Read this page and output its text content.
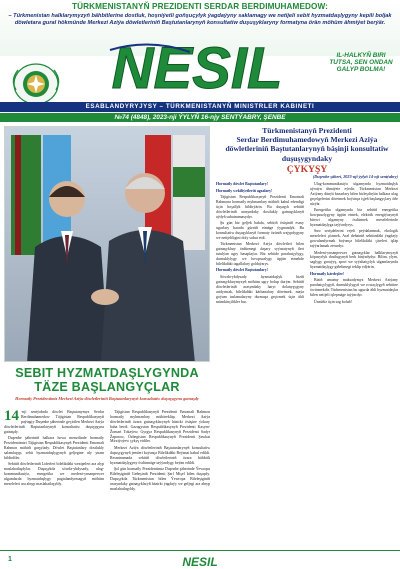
TÜRKMENISTANYŇ PREZIDENTI SERDAR BERDIMUHAMEDOW:
– Türkmenistan halklarymyzyň bähbitlerine dostluk, hoşniýetli goňşuçylyk ýagdaýyny saklamagy we netijeli sebit hyzmatdaşlygyny kepili boljak döwletara gural hökmünde Merkezi Aziýa döwletleriniň Baştutanlarynyň konsultatiw duşuşyklaryny formatyna örän möhüm ähmiýet berýär.
NESIL	IL-HALKYŇ BIRI TUTSA, SEN ONDAN GALYP BOLMA!
ESABLANDYRYJYSY – TÜRKMENISTANYŇ MINISTRLER KABINETI
№74 (4848), 2023-nji ÝYLYŇ 16-njy SENTÝABRY, ŞENBE
SEBIT HYZMATDAŞLYGYNDA
TÄZE BAŞLANGYÇLAR
Hormatly Prezidentimiz Merkezi Aziýa döwletleriniň Baştutanlarynyň konsultatiw duşuşygyna gatnaşdy

14 -nji sentýabrda döwlet Baştutanymyz Serdar Berdimuhamedow Täjigistan Respublikasynyň paýtagty Duşenbe şäherinde geçirilen Merkezi Aziýa döwletleriniň Baştutanlarynyň konsultatiw duşuşygyna gatnaşdy.

Duşenbe şäheriniň halkara howa menzilinde hormatly Prezidentimizi Täjigistan Respublikasynyň Prezidenti Emomali Rahmon mähirli garşylady. Döwlet Baştutanlary dostlukly salamlaşyp, sebit hyzmatdaşlygynyň geljegine uly ynam bildirdiler.

Sebitiň döwletleriniň Liderleri bilelikdäki wezipeleri ara alyp maslahatlaşdylar. Duşuşykda söwda-ykdysady, ulag-kommunikasiýa, energetika we medeni-ynsanperwer ulgamlarda hyzmatdaşlygy pugtalandyrmagyň möhüm meseleleri ara alnyp maslahatlaşyldy.

Täjigistan Respublikasynyň Prezidenti Emomali Rahmon hormatly myhmanlary mübärekläp, Merkezi Aziýa döwletleriniň özara gatnaşyklarynyň häzirki ösüşine ýokary baha berdi. Gazagystan Respublikasynyň Prezidenti Kasym-Žomart Tokaýew, Gyrgyz Respublikasynyň Prezidenti Sadyr Žaparow, Özbegistan Respublikasynyň Prezidenti Şawkat Mirziýoýew çykyş etdiler.

Merkezi Aziýa döwletleriniň Baştutanlarynyň konsultatiw duşuşygynyň jemleri boýunça Bilelikdäki Beýanat kabul edildi. Resminamada sebitiň döwletleriniň özara bähbitli hyzmatdaşlygyny ösdürmäge taýýardygy beýan edildi.

Şol gün hormatly Prezidentimiz Duşenbe şäherinde Ýewropa Bileleşiginiň Geňeşiniň Prezidenti Şarl Mişel bilen duşuşdy. Duşuşykda Türkmenistan bilen Ýewropa Bileleşiginiň arasyndaky gatnaşyklaryň häzirki ýagdaýy we geljegi ara alnyp maslahatlaşyldy.

Türkmenistanyň Prezidenti
Serdar Berdimuhamedowyň Merkezi Aziýa döwletleriniň Baştutanlarynyň bäşinji konsultatiw duşuşygyndaky
ÇYKYŞY
(Duşenbe şäheri, 2023-nji ýylyň 14-nji sentýabry)

Hormatly döwlet Baştutanlary!

Hormatly wekiliýetleriň agzalary!

Täjigistan Respublikasynyň Prezidenti Emomali Rahmona hormatly myhmanlary mähirli kabul edendigi üçin hoşallyk bildirýärin. Bu duşuşyk sebitiň döwletleriniň arasyndaky dostlukly gatnaşyklaryň aýdyň subutnamasydyr.

Şu gün biz geljek hakda, sebitiň ösüşiniň esasy ugurlary barada gürrüň etmäge ýygnandyk. Bu konsultatiw duşuşyklaryň formaty özüniň wajypdygyny we netijeliligini doly subut etdi.

Türkmenistan Merkezi Aziýa döwletleri bilen gatnaşyklary ösdürmegi daşary syýasatynyň ileri tutulýan ugry hasaplaýar. Biz sebitde parahatçylygy, durnuklylygy we howpsuzlygy üpjün etmekde bilelikdäki tagallalary goldaýarys.

Hormatly döwlet Baştutanlary!

Söwda-ykdysady hyzmatdaşlyk biziň gatnaşyklarymyzyň möhüm ugry bolup durýar. Sebitiň döwletleriniň arasyndaky haryt dolanyşygyny artdyrmak, bilelikdäki kärhanalary döretmek, maýa goýum taslamalaryny durmuşa geçirmek üçin ähli mümkinçilikler bar.

Ulag-kommunikasiýa ulgamynda hyzmatdaşlyk aýratyn ähmiýete eýedir. Türkmenistan Merkezi Aziýany dünýä bazarlary bilen birleşdirýän halkara ulag geçelgelerini döretmek boýunça işjeň başlangyçlary öňe sürýär.

Energetika ulgamynda biz sebitiň energetika howpsuzlygyny üpjün etmek, elektrik energiýasynyň bitewi ulgamyny ösdürmek meselelerinde hyzmatdaşlyga taýýardyrys.

Suw serişdelerini rejeli peýdalanmak, ekologik meseleleri çözmek, Aral deňziniň sebitindäki ýagdaýy gowulandyrmak boýunça bilelikdäki çäreleri işläp taýýarlamak zerurdyr.

Medeni-ynsanperwer gatnaşyklar halklarymyzyň köpasyrlyk dostlugynyň berk binýadydyr. Bilim, ylym, saglygy goraýyş, sport we syýahatçylyk ulgamlarynda hyzmatdaşlygy giňeltmegi teklip edýärin.

Hormatly kärdeşler!

Biziň umumy maksadymyz Merkezi Aziýany parahatçylygyň, durnuklylygyň we rowaçlygyň sebitine öwürmekdir. Türkmenistan bu ugurda ähli hyzmatdaşlar bilen netijeli işleşmäge taýýardyr.

Ünsüňiz üçin sag boluň!

1	NESIL
